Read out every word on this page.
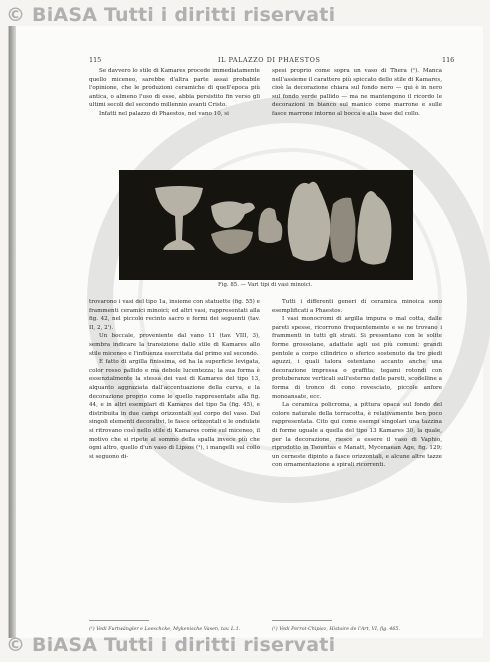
© BiASA Tutti i diritti riservati
115	IL PALAZZO DI PHAESTOS	116

Se davvero lo stile di Kamares procede immediatamente quello miceneo, sarebbe d'altra parte assai probabile l'opinione, che le produzioni ceramiche di quell'epoca più antica, o almeno l'uso di esse, abbia persistito fin verso gli ultimi secoli del secondo millennio avanti Cristo.

Infatti nel palazzo di Phaestos, nel vano 10, si

spesi proprio come sopra un vaso di Thera (¹). Manca nell'assieme il carattere più spiccato dello stile di Kamares, cioè la decorazione chiara sul fondo nero — qui è in nero sul fondo verde pallido — ma ne mantengono il ricordo le decorazioni in bianco sul manico come marrone e sulle fasce marrone intorno al bocca e alla base del collo.

Fig. 85. — Vari tipi di vasi minoici.

trovarono i vasi del tipo 1a, insieme con statuette (fig. 55) e frammenti ceramici minoici; ed altri vasi, rappresentati alla fig. 42, nel piccolo recinto sacro e fermi dei seguenti (tav. II, 2, 2').

Un boccale, proveniente dal vano 11 (tav. VIII, 3), sembra indicare la transizione dallo stile di Kamares allo stile miceneo e l'influenza esercitata dal primo sul secondo.

È fatto di argilla finissima, ed ha la superficie levigata, color rosso pallido e ma debole lucentezza; la sua forma è essenzialmente la stessa dei vasi di Kamares del tipo 13, alquanto aggraziata dall'accentuazione della curva, e la decorazione proprio come le quello rappresentate alla fig. 44, e in altri esemplari di Kamares del tipo 5a (fig. 45), e distribuita in due campi orizzontali sul corpo del vaso. Dal singoli elementi decorativi, le fasce orizzontali e le ondulate si ritrovano così nello stile di Kamares come sul miceneo, il motivo che si ripete al sommo della spalla invece più che ogni altro, quello d'un vaso di Lipsos (¹), i mangelli sul collo si seguono di-

Tutti i differenti generi di ceramica minoica sono esemplificati a Phaestos.

I vasi monocromi di argilla impura o mal cotta, dalle pareti spesse, ricorrono frequentemente e se ne trovano i frammenti in tutti gli strati. Si presentano con le solite forme grossolane, adattate agli usi più comuni: grandi pentole a corpo cilindrico o sferico sostenuto da tre piedi aguzzi, i quali talora ostentano accanto anche una decorazione impressa o graffita; tegami rotondi con protuberanze verticali sull'esterno delle pareti, scodelline a forma di tronco di cono rovesciato, piccole anfore monoansate, ecc.

La ceramica policroma, a pittura opaca sul fondo del colore naturale della terracotta, è relativamente ben poco rappresentata. Cito qui come esempi singolari una tazzina di forme uguale a quella del tipo 13 Kamares 30, la quale, per la decorazione, riesce a essere il vaso di Vaphio, riprodotto in Tsountas e Manatt, Mycenaean Age, fig. 129; un cerneste dipinto a fasce orizzontali, e alcune altre tazze con ornamentazione a spirali ricorrenti.

(¹) Vedi Furtwängler e Loeschcke, Mykenische Vasen, tav. L.1.	(¹) Vedi Perrot-Chipiez, Histoire de l'Art, VI, fig. 465.
© BiASA Tutti i diritti riservati
